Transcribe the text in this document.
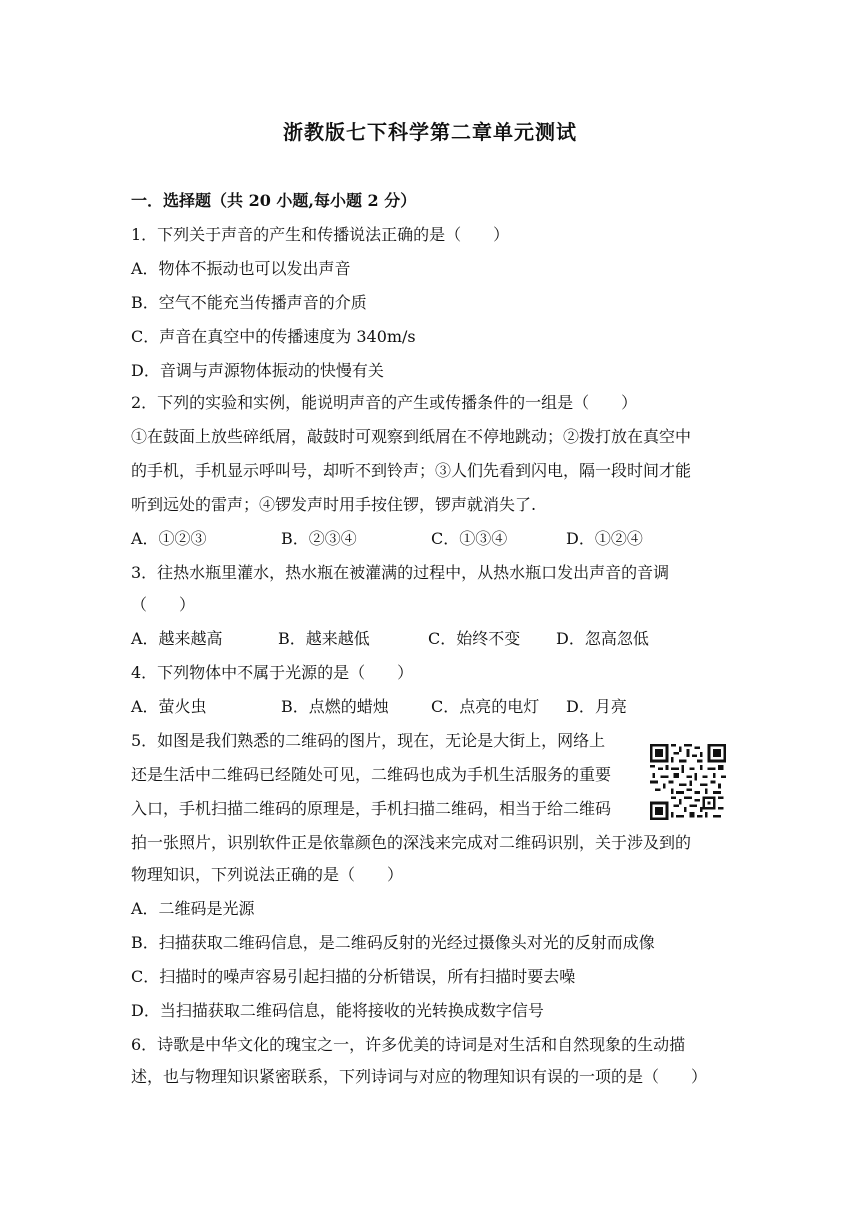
浙教版七下科学第二章单元测试
一．选择题（共 20 小题,每小题 2 分）
1．下列关于声音的产生和传播说法正确的是（　　）
A．物体不振动也可以发出声音
B．空气不能充当传播声音的介质
C．声音在真空中的传播速度为 340m/s
D．音调与声源物体振动的快慢有关
2．下列的实验和实例，能说明声音的产生或传播条件的一组是（　　）
①在鼓面上放些碎纸屑，敲鼓时可观察到纸屑在不停地跳动；②拨打放在真空中
的手机，手机显示呼叫号，却听不到铃声；③人们先看到闪电，隔一段时间才能
听到远处的雷声；④锣发声时用手按住锣，锣声就消失了.
A．①②③	B．②③④	C．①③④	D．①②④
3．往热水瓶里灌水，热水瓶在被灌满的过程中，从热水瓶口发出声音的音调
（　　）
A．越来越高	B．越来越低	C．始终不变 D．忽高忽低
4．下列物体中不属于光源的是（　　）
A．萤火虫	B．点燃的蜡烛	C．点亮的电灯 D．月亮
5．如图是我们熟悉的二维码的图片，现在，无论是大街上，网络上
还是生活中二维码已经随处可见，二维码也成为手机生活服务的重要
入口，手机扫描二维码的原理是，手机扫描二维码，相当于给二维码
拍一张照片，识别软件正是依靠颜色的深浅来完成对二维码识别，关于涉及到的
物理知识，下列说法正确的是（　　）
A．二维码是光源
B．扫描获取二维码信息，是二维码反射的光经过摄像头对光的反射而成像
C．扫描时的噪声容易引起扫描的分析错误，所有扫描时要去噪
D．当扫描获取二维码信息，能将接收的光转换成数字信号
6．诗歌是中华文化的瑰宝之一，许多优美的诗词是对生活和自然现象的生动描
述，也与物理知识紧密联系，下列诗词与对应的物理知识有误的一项的是（　　）
